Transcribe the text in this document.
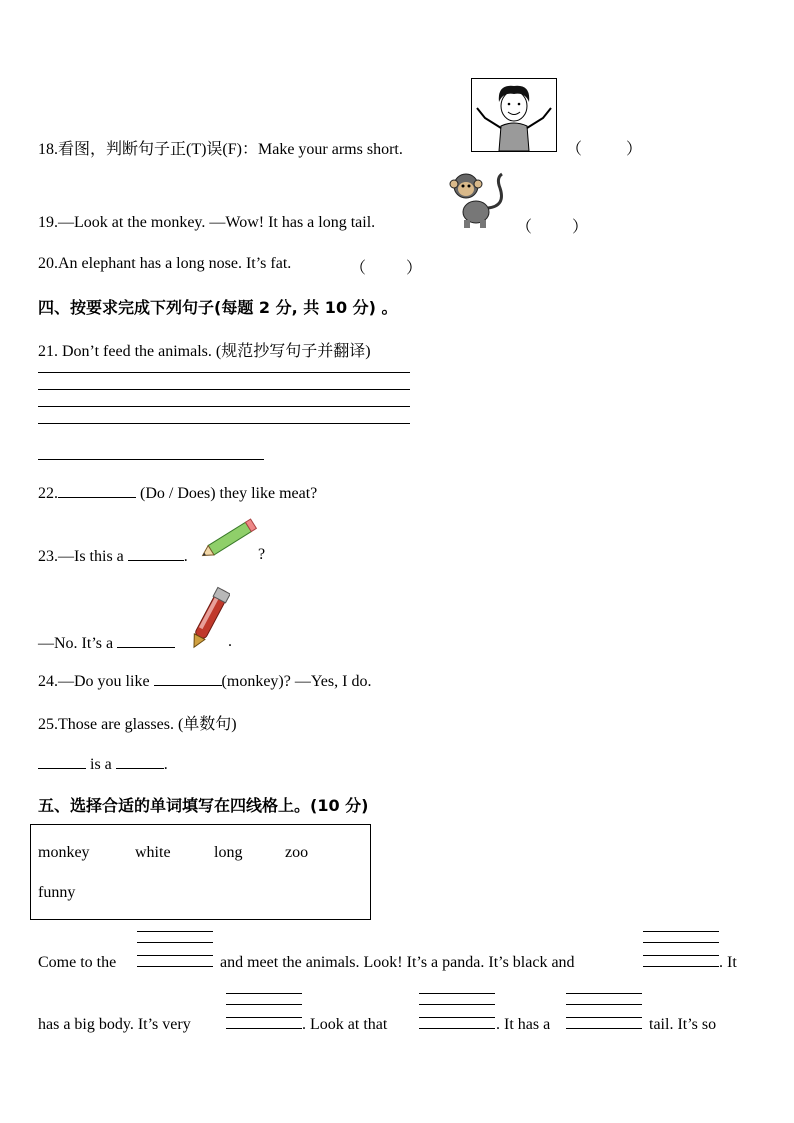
18.看图，判断句子正(T)误(F)：Make your arms short.	（	）
19.—Look at the monkey. —Wow! It has a long tail.	（	）
20.An elephant has a long nose. It’s fat.	（	）
四、按要求完成下列句子(每题 2 分, 共 10 分) 。
21. Don’t feed the animals. (规范抄写句子并翻译)
22.	(Do / Does) they like meat?
23.—Is this a	.	?
—No. It’s a	.
24.—Do you like	(monkey)? —Yes, I do.
25.Those are glasses. (单数句)
is a	.
五、选择合适的单词填写在四线格上。(10 分)
monkey	white	long	zoo
funny
Come to the	and meet the animals. Look! It’s a panda. It’s black and	. It
has a big body. It’s very	. Look at that	. It has a	tail. It’s so
